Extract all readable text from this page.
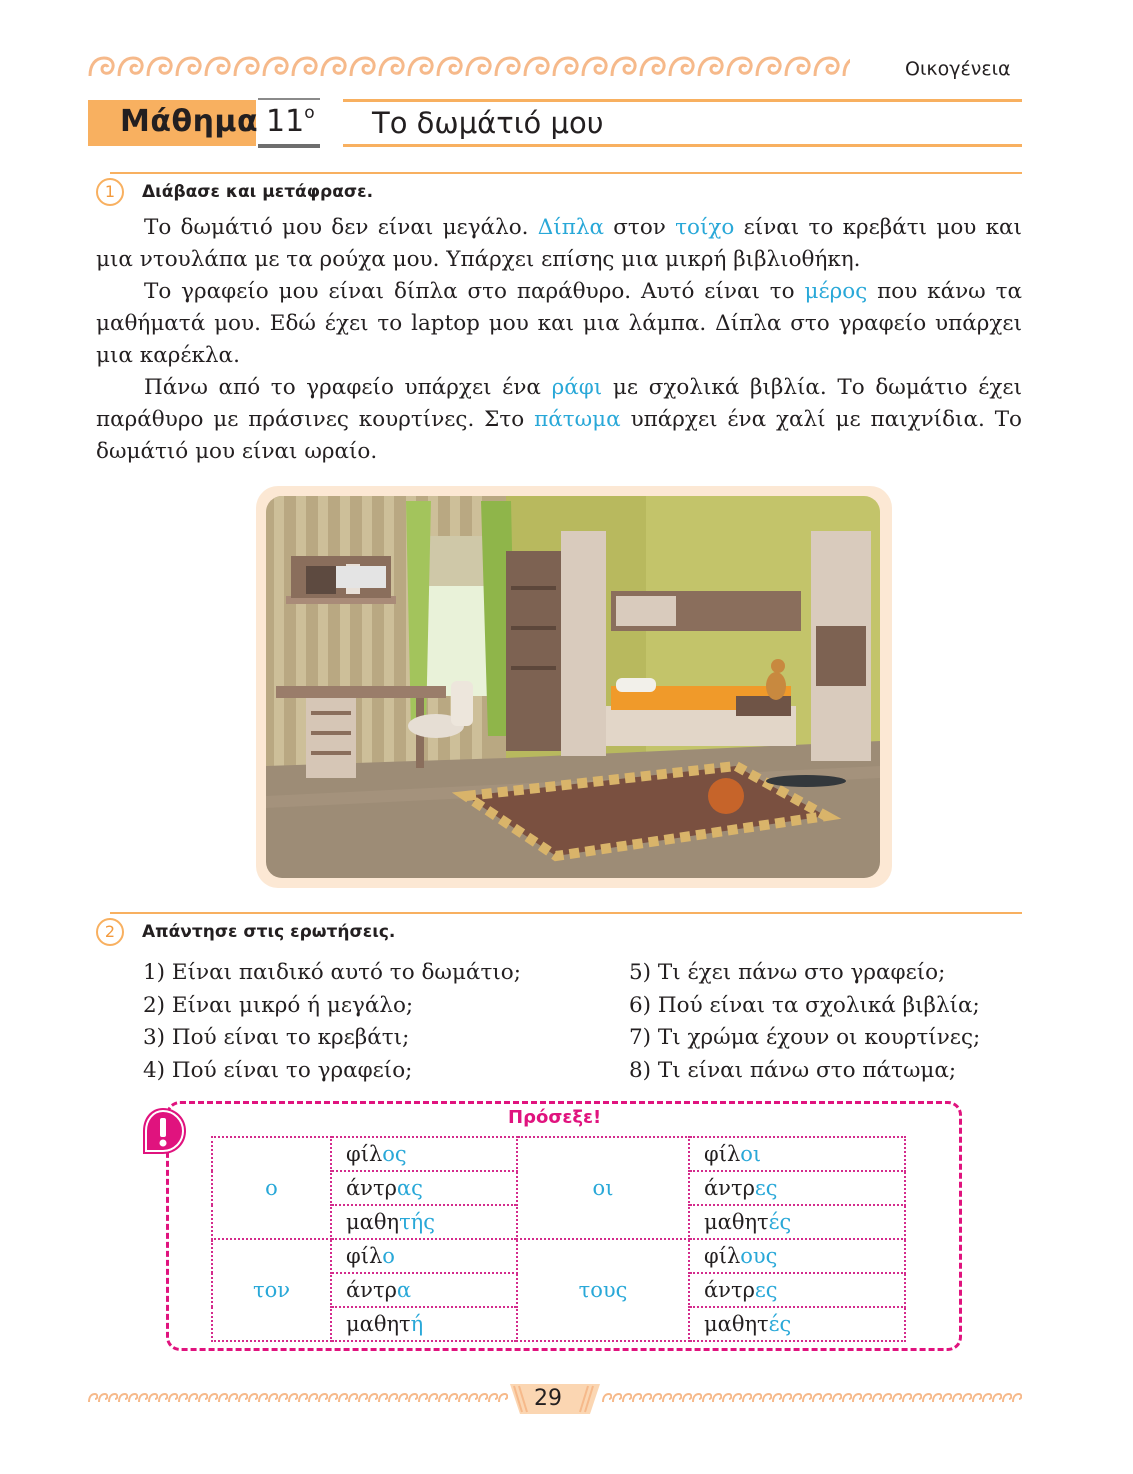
Οικογένεια
Μάθημα $11^o$ Το δωμάτιό μου
1	Διάβασε και μετάφρασε.

Το δωμάτιό μου δεν είναι μεγάλο. Δίπλα στον τοίχο είναι το κρεβάτι μου και μια ντουλάπα με τα ρούχα μου. Υπάρχει επίσης μια μικρή βιβλιοθήκη.

Το γραφείο μου είναι δίπλα στο παράθυρο. Αυτό είναι το μέρος που κάνω τα μαθήματά μου. Εδώ έχει το laptop μου και μια λάμπα. Δίπλα στο γραφείο υπάρχει μια καρέκλα.

Πάνω από το γραφείο υπάρχει ένα ράφι με σχολικά βιβλία. Το δωμάτιο έχει παράθυρο με πράσινες κουρτίνες. Στο πάτωμα υπάρχει ένα χαλί με παιχνίδια. Το δωμάτιό μου είναι ωραίο.

2	Απάντησε στις ερωτήσεις.
1) Είναι παιδικό αυτό το δωμάτιο;
2) Είναι μικρό ή μεγάλο;
3) Πού είναι το κρεβάτι;
4) Πού είναι το γραφείο;
5) Τι έχει πάνω στο γραφείο;
6) Πού είναι τα σχολικά βιβλία;
7) Τι χρώμα έχουν οι κουρτίνες;
8) Τι είναι πάνω στο πάτωμα;
Πρόσεξε!
ο	φίλος	οι	φίλοι
	άντρας		άντρες
	μαθητής		μαθητές
τον	φίλο	τους	φίλους
	άντρα		άντρες
	μαθητή		μαθητές
29
